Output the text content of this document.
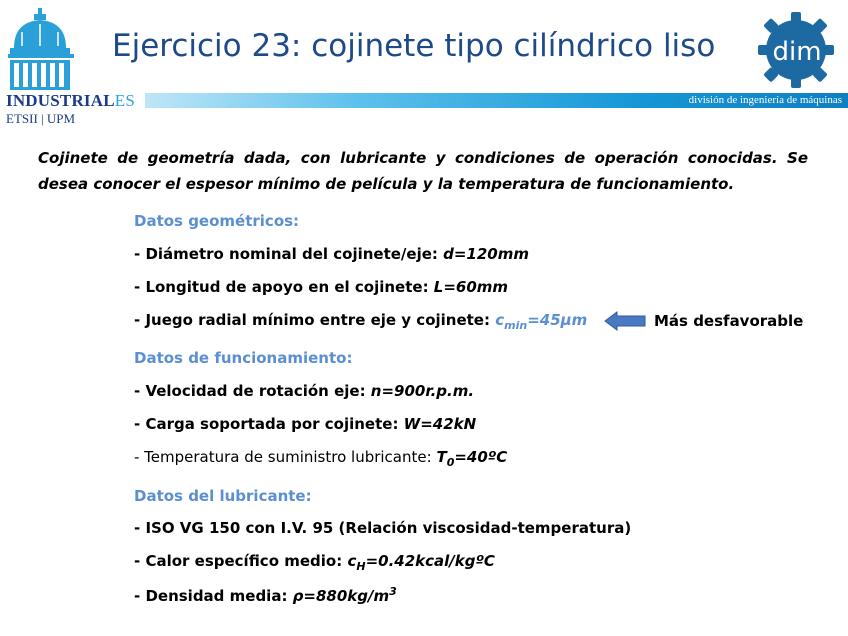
INDUSTRIALES
ETSII | UPM
Ejercicio 23: cojinete tipo cilíndrico liso
división de ingeniería de máquinas
dim
Cojinete de geometría dada, con lubricante y condiciones de operación conocidas. Se desea conocer el espesor mínimo de película y la temperatura de funcionamiento.
Datos geométricos:
- Diámetro nominal del cojinete/eje: d=120mm
- Longitud de apoyo en el cojinete: L=60mm
- Juego radial mínimo entre eje y cojinete: $c_{min}=45\mu m$	Más desfavorable
Datos de funcionamiento:
- Velocidad de rotación eje: n=900r.p.m.
- Carga soportada por cojinete: W=42kN
- Temperatura de suministro lubricante: $T_0=40ºC$
Datos del lubricante:
- ISO VG 150 con I.V. 95 (Relación viscosidad-temperatura)
- Calor específico medio: $c_H=0.42kcal$/kgºC
- Densidad media: $\rho=880kg/m^3$
